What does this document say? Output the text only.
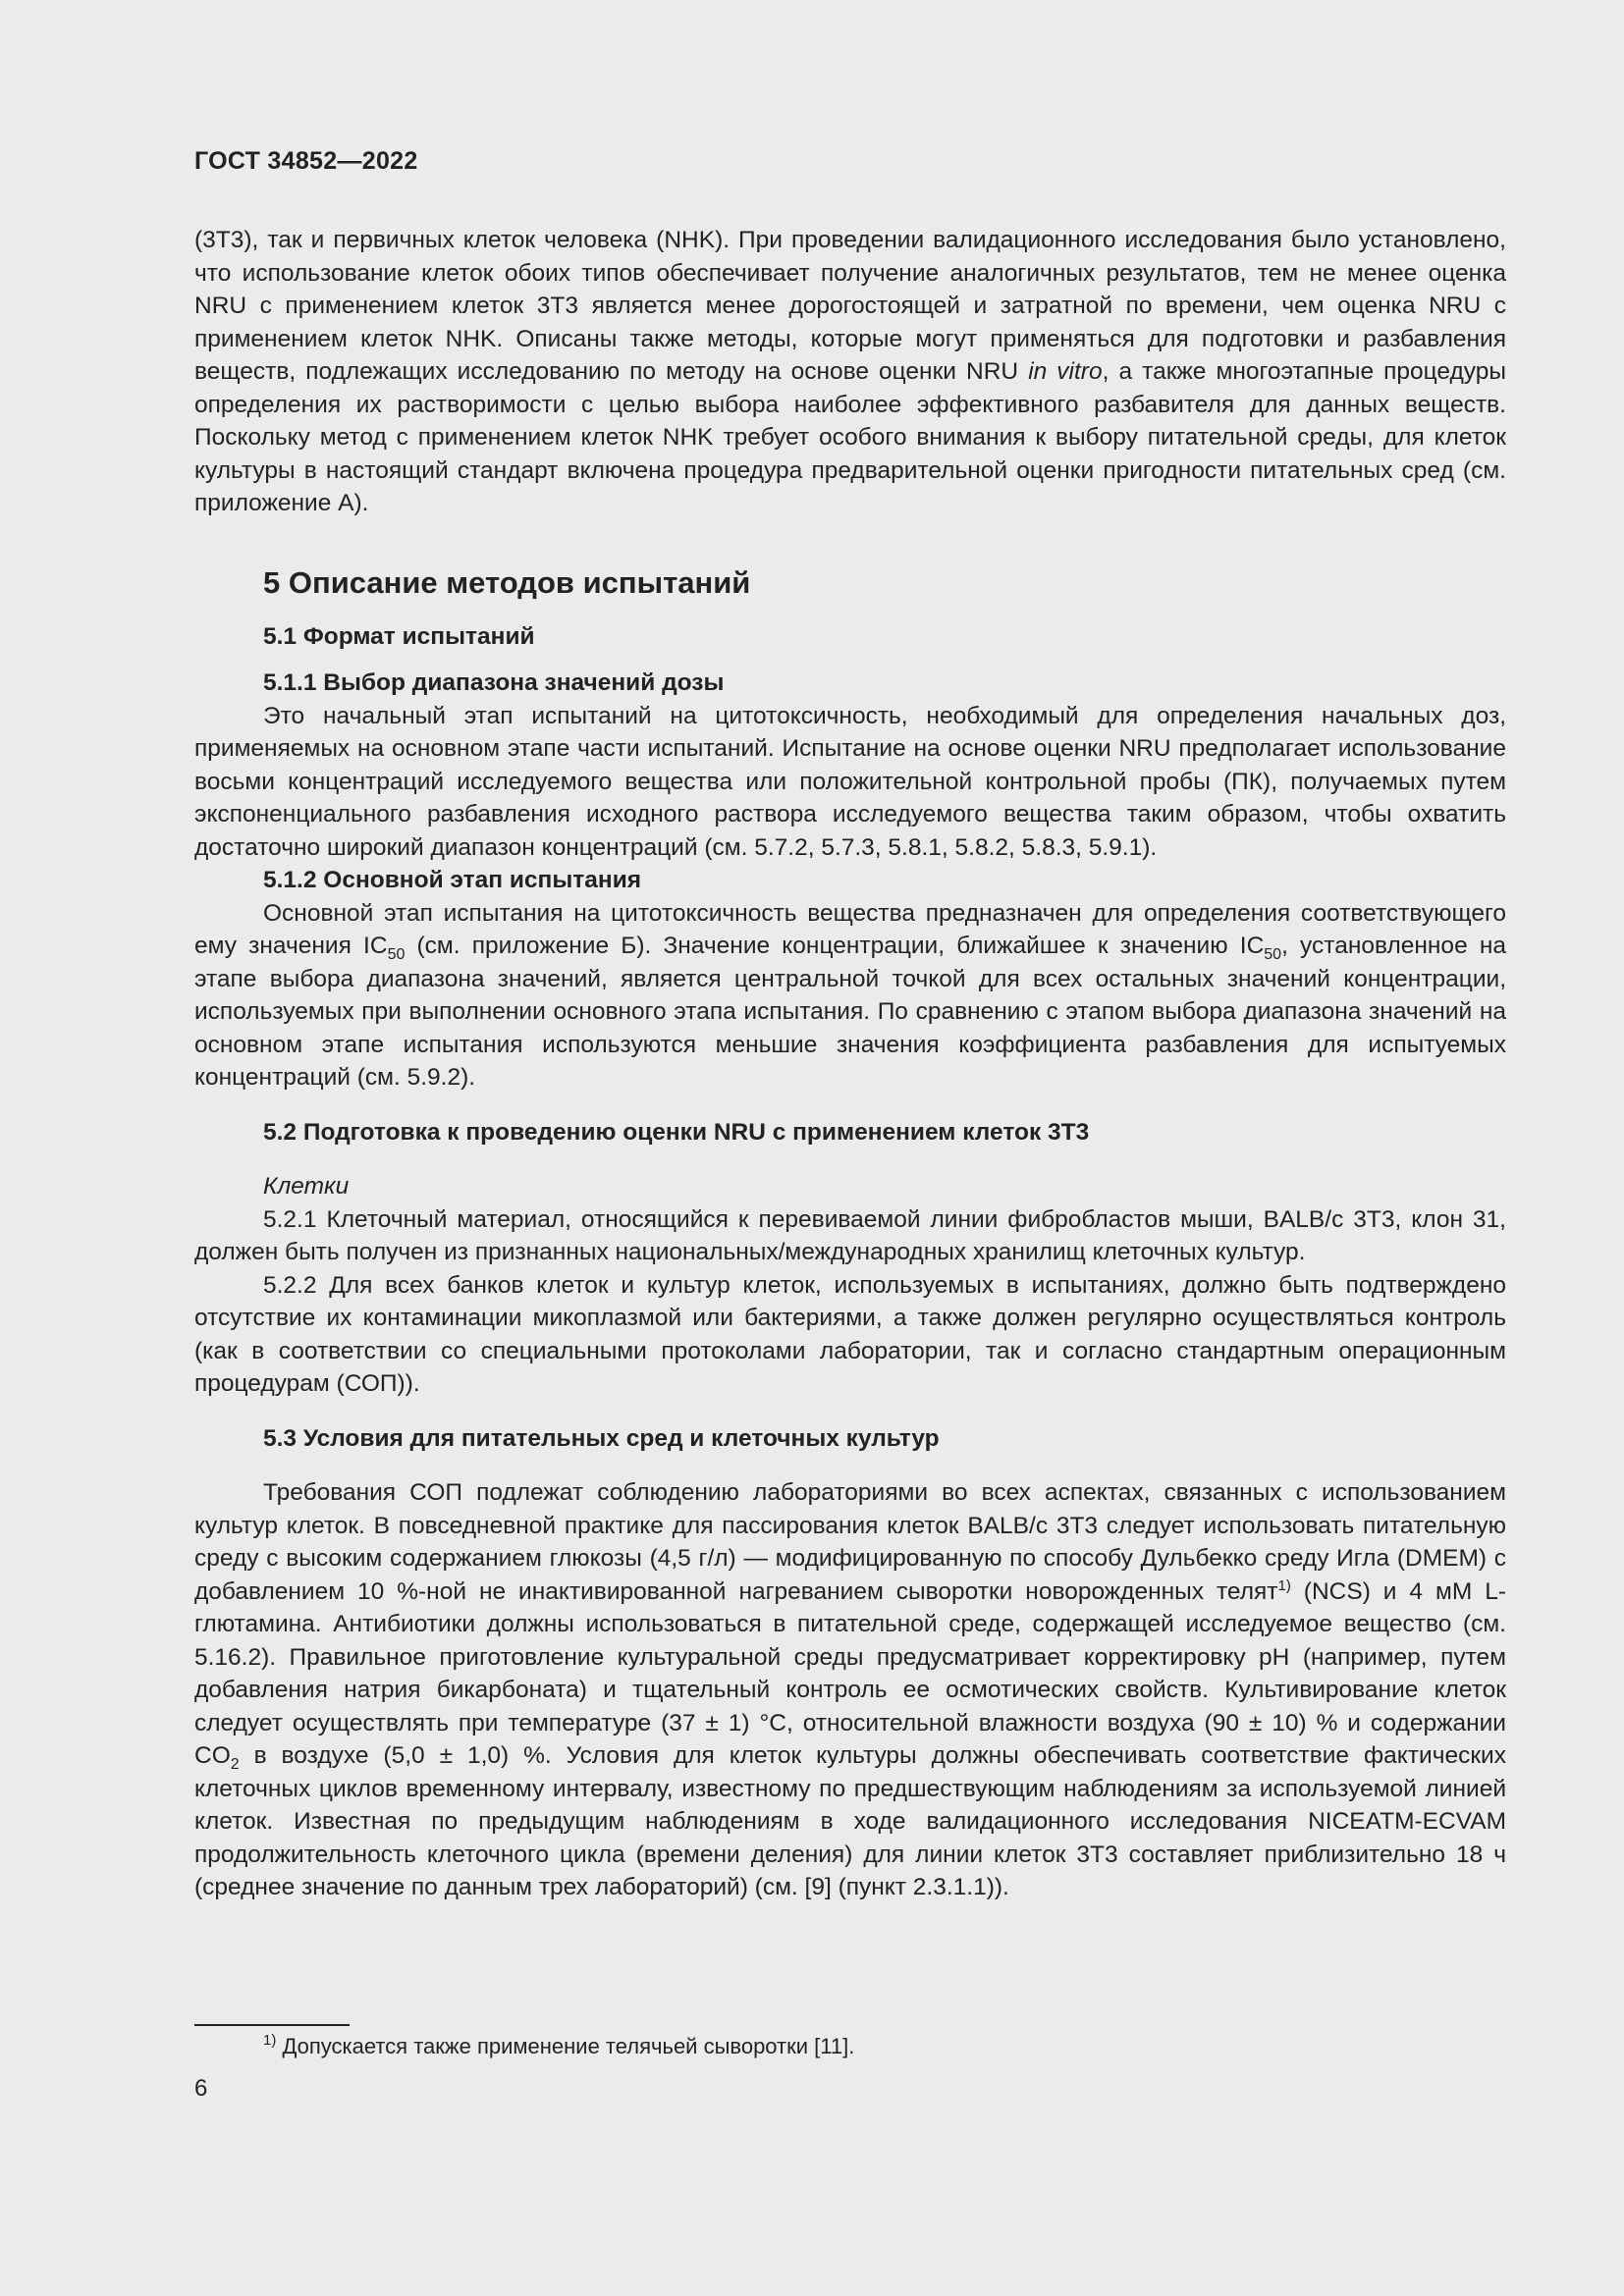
ГОСТ 34852—2022

(3Т3), так и первичных клеток человека (NHK). При проведении валидационного исследования было установлено, что использование клеток обоих типов обеспечивает получение аналогичных результатов, тем не менее оценка NRU с применением клеток 3Т3 является менее дорогостоящей и затратной по времени, чем оценка NRU с применением клеток NHK. Описаны также методы, которые могут применяться для подготовки и разбавления веществ, подлежащих исследованию по методу на основе оценки NRU in vitro, а также многоэтапные процедуры определения их растворимости с целью выбора наиболее эффективного разбавителя для данных веществ. Поскольку метод с применением клеток NHK требует особого внимания к выбору питательной среды, для клеток культуры в настоящий стандарт включена процедура предварительной оценки пригодности питательных сред (см. приложение А).

5 Описание методов испытаний
5.1 Формат испытаний
5.1.1 Выбор диапазона значений дозы

Это начальный этап испытаний на цитотоксичность, необходимый для определения начальных доз, применяемых на основном этапе части испытаний. Испытание на основе оценки NRU предполагает использование восьми концентраций исследуемого вещества или положительной контрольной пробы (ПК), получаемых путем экспоненциального разбавления исходного раствора исследуемого вещества таким образом, чтобы охватить достаточно широкий диапазон концентраций (см. 5.7.2, 5.7.3, 5.8.1, 5.8.2, 5.8.3, 5.9.1).

5.1.2 Основной этап испытания

Основной этап испытания на цитотоксичность вещества предназначен для определения соответствующего ему значения $IC_{50}$ (см. приложение Б). Значение концентрации, ближайшее к значению $IC_{50}$, установленное на этапе выбора диапазона значений, является центральной точкой для всех остальных значений концентрации, используемых при выполнении основного этапа испытания. По сравнению с этапом выбора диапазона значений на основном этапе испытания используются меньшие значения коэффициента разбавления для испытуемых концентраций (см. 5.9.2).

5.2 Подготовка к проведению оценки NRU с применением клеток 3Т3
Клетки

5.2.1 Клеточный материал, относящийся к перевиваемой линии фибробластов мыши, BALB/c 3T3, клон 31, должен быть получен из признанных национальных/международных хранилищ клеточных культур.

5.2.2 Для всех банков клеток и культур клеток, используемых в испытаниях, должно быть подтверждено отсутствие их контаминации микоплазмой или бактериями, а также должен регулярно осуществляться контроль (как в соответствии со специальными протоколами лаборатории, так и согласно стандартным операционным процедурам (СОП)).

5.3 Условия для питательных сред и клеточных культур

Требования СОП подлежат соблюдению лабораториями во всех аспектах, связанных с использованием культур клеток. В повседневной практике для пассирования клеток BALB/c 3T3 следует использовать питательную среду с высоким содержанием глюкозы (4,5 г/л) — модифицированную по способу Дульбекко среду Игла (DMEM) с добавлением 10 %-ной не инактивированной нагреванием сыворотки новорожденных телят$^{1)}$ (NCS) и 4 мМ L-глютамина. Антибиотики должны использоваться в питательной среде, содержащей исследуемое вещество (см. 5.16.2). Правильное приготовление культуральной среды предусматривает корректировку pH (например, путем добавления натрия бикарбоната) и тщательный контроль ее осмотических свойств. Культивирование клеток следует осуществлять при температуре (37 ± 1) °С, относительной влажности воздуха (90 ± 10) % и содержании $CO_2$ в воздухе (5,0 ± 1,0) %. Условия для клеток культуры должны обеспечивать соответствие фактических клеточных циклов временному интервалу, известному по предшествующим наблюдениям за используемой линией клеток. Известная по предыдущим наблюдениям в ходе валидационного исследования NICEATM-ECVAM продолжительность клеточного цикла (времени деления) для линии клеток 3Т3 составляет приблизительно 18 ч (среднее значение по данным трех лабораторий) (см. [9] (пункт 2.3.1.1)).

$^{1)}$ Допускается также применение телячьей сыворотки [11].
6
